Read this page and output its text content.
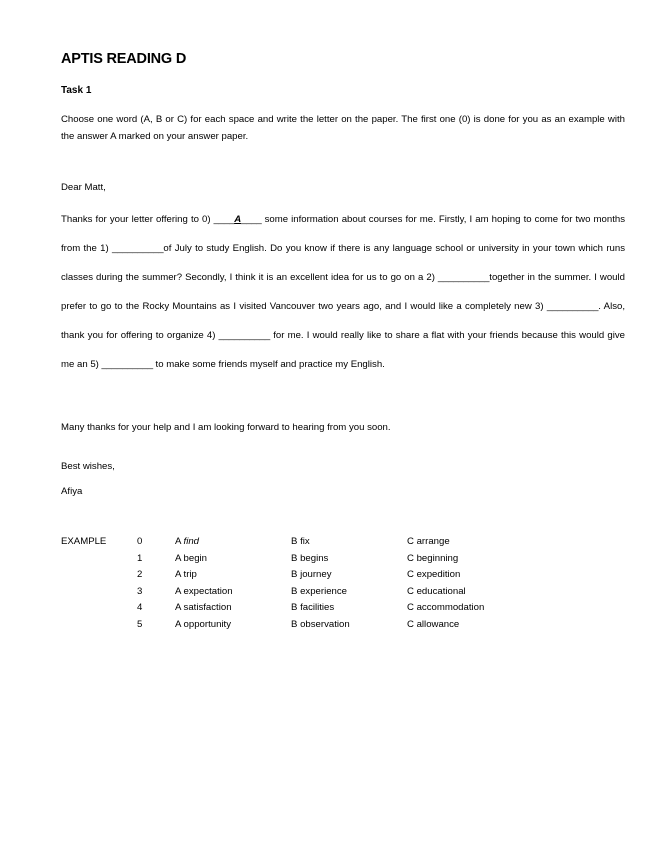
APTIS READING D
Task 1
Choose one word (A, B or C) for each space and write the letter on the paper. The first one (0) is done for you as an example with the answer A marked on your answer paper.
Dear Matt,
Thanks for your letter offering to 0) ____A____ some information about courses for me. Firstly, I am hoping to come for two months from the 1) __________of July to study English. Do you know if there is any language school or university in your town which runs classes during the summer? Secondly, I think it is an excellent idea for us to go on a 2) __________together in the summer. I would prefer to go to the Rocky Mountains as I visited Vancouver two years ago, and I would like a completely new 3) __________. Also, thank you for offering to organize 4) __________ for me. I would really like to share a flat with your friends because this would give me an 5) __________ to make some friends myself and practice my English.
Many thanks for your help and I am looking forward to hearing from you soon.
Best wishes,
Afiya
EXAMPLE	0	A find	B fix	C arrange
	1	A begin	B begins	C beginning
	2	A trip	B journey	C expedition
	3	A expectation	B experience	C educational
	4	A satisfaction	B facilities	C accommodation
	5	A opportunity	B observation	C allowance
